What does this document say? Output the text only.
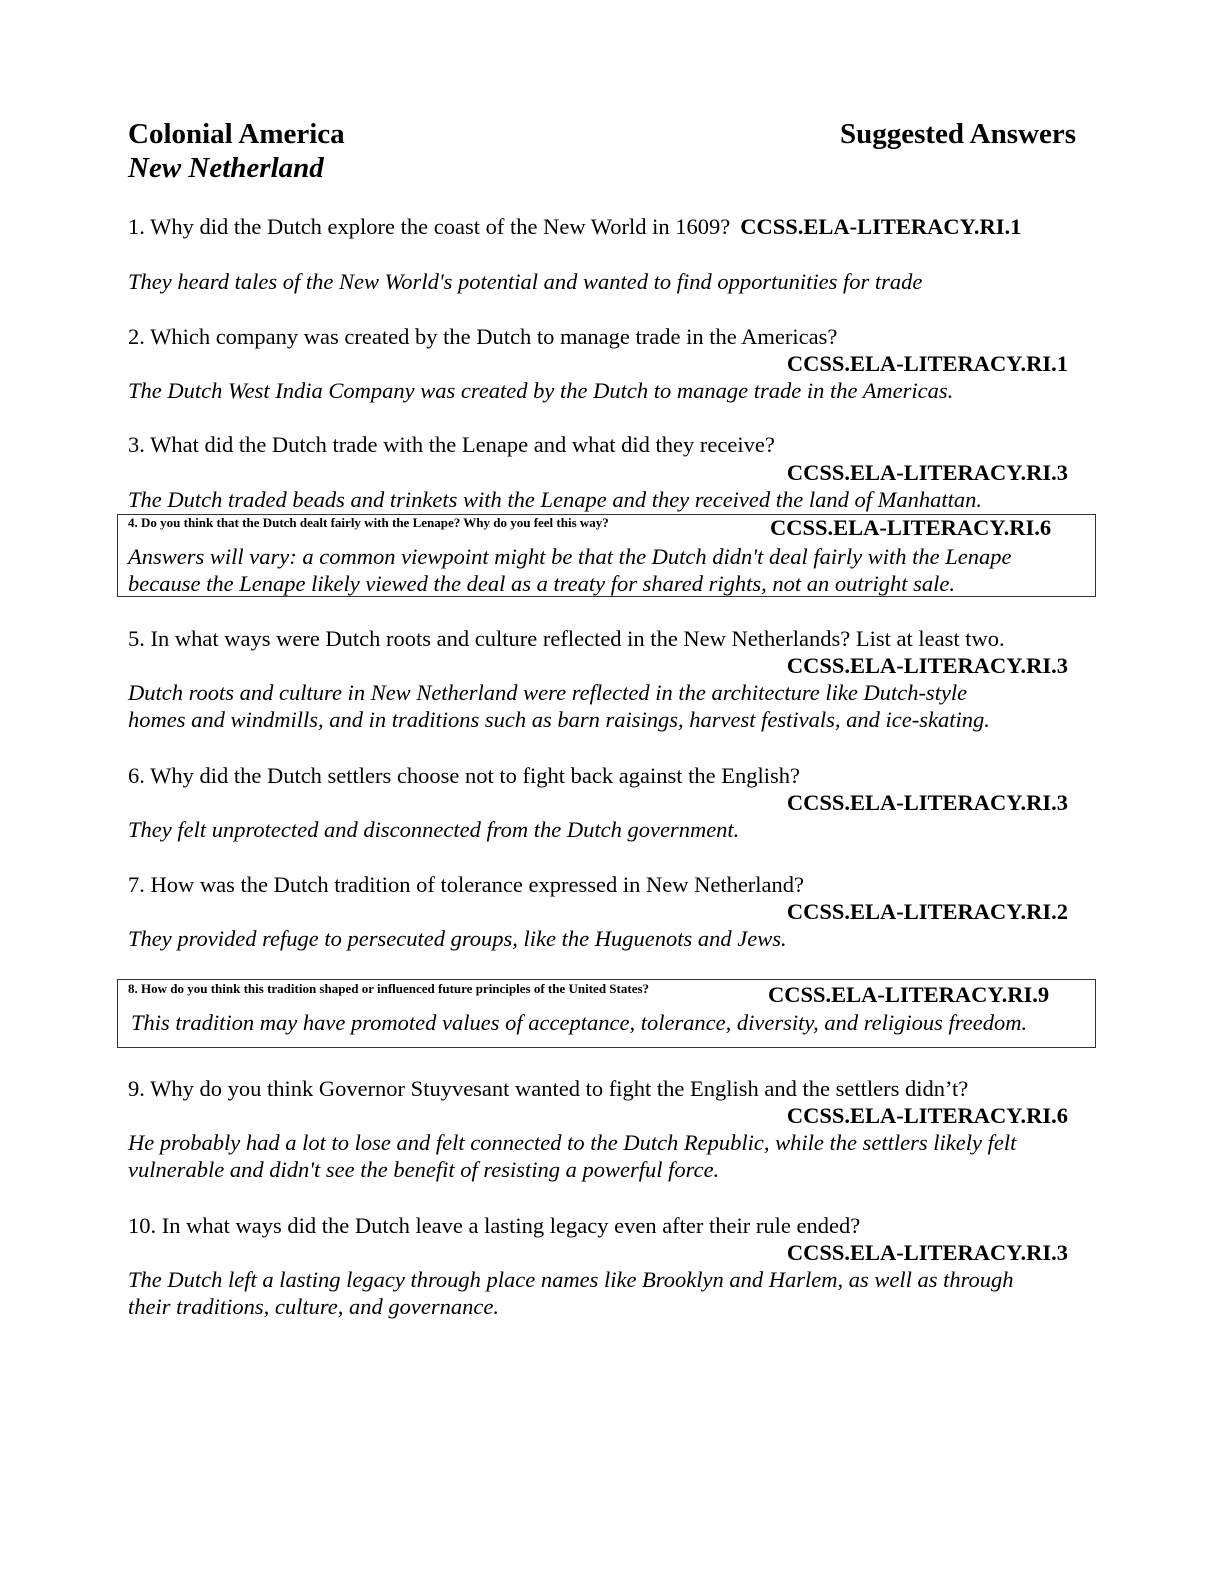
Colonial America
New Netherland
Suggested Answers
1. Why did the Dutch explore the coast of the New World in 1609? CCSS.ELA-LITERACY.RI.1
They heard tales of the New World's potential and wanted to find opportunities for trade
2. Which company was created by the Dutch to manage trade in the Americas?
CCSS.ELA-LITERACY.RI.1
The Dutch West India Company was created by the Dutch to manage trade in the Americas.
3. What did the Dutch trade with the Lenape and what did they receive?
CCSS.ELA-LITERACY.RI.3
The Dutch traded beads and trinkets with the Lenape and they received the land of Manhattan.
4. Do you think that the Dutch dealt fairly with the Lenape? Why do you feel this way?	CCSS.ELA-LITERACY.RI.6
Answers will vary: a common viewpoint might be that the Dutch didn't deal fairly with the Lenape
because the Lenape likely viewed the deal as a treaty for shared rights, not an outright sale.
5. In what ways were Dutch roots and culture reflected in the New Netherlands? List at least two.
CCSS.ELA-LITERACY.RI.3
Dutch roots and culture in New Netherland were reflected in the architecture like Dutch-style
homes and windmills, and in traditions such as barn raisings, harvest festivals, and ice-skating.
6. Why did the Dutch settlers choose not to fight back against the English?
CCSS.ELA-LITERACY.RI.3
They felt unprotected and disconnected from the Dutch government.
7. How was the Dutch tradition of tolerance expressed in New Netherland?
CCSS.ELA-LITERACY.RI.2
They provided refuge to persecuted groups, like the Huguenots and Jews.
8. How do you think this tradition shaped or influenced future principles of the United States?	CCSS.ELA-LITERACY.RI.9
This tradition may have promoted values of acceptance, tolerance, diversity, and religious freedom.
9. Why do you think Governor Stuyvesant wanted to fight the English and the settlers didn’t?
CCSS.ELA-LITERACY.RI.6
He probably had a lot to lose and felt connected to the Dutch Republic, while the settlers likely felt
vulnerable and didn't see the benefit of resisting a powerful force.
10. In what ways did the Dutch leave a lasting legacy even after their rule ended?
CCSS.ELA-LITERACY.RI.3
The Dutch left a lasting legacy through place names like Brooklyn and Harlem, as well as through
their traditions, culture, and governance.
